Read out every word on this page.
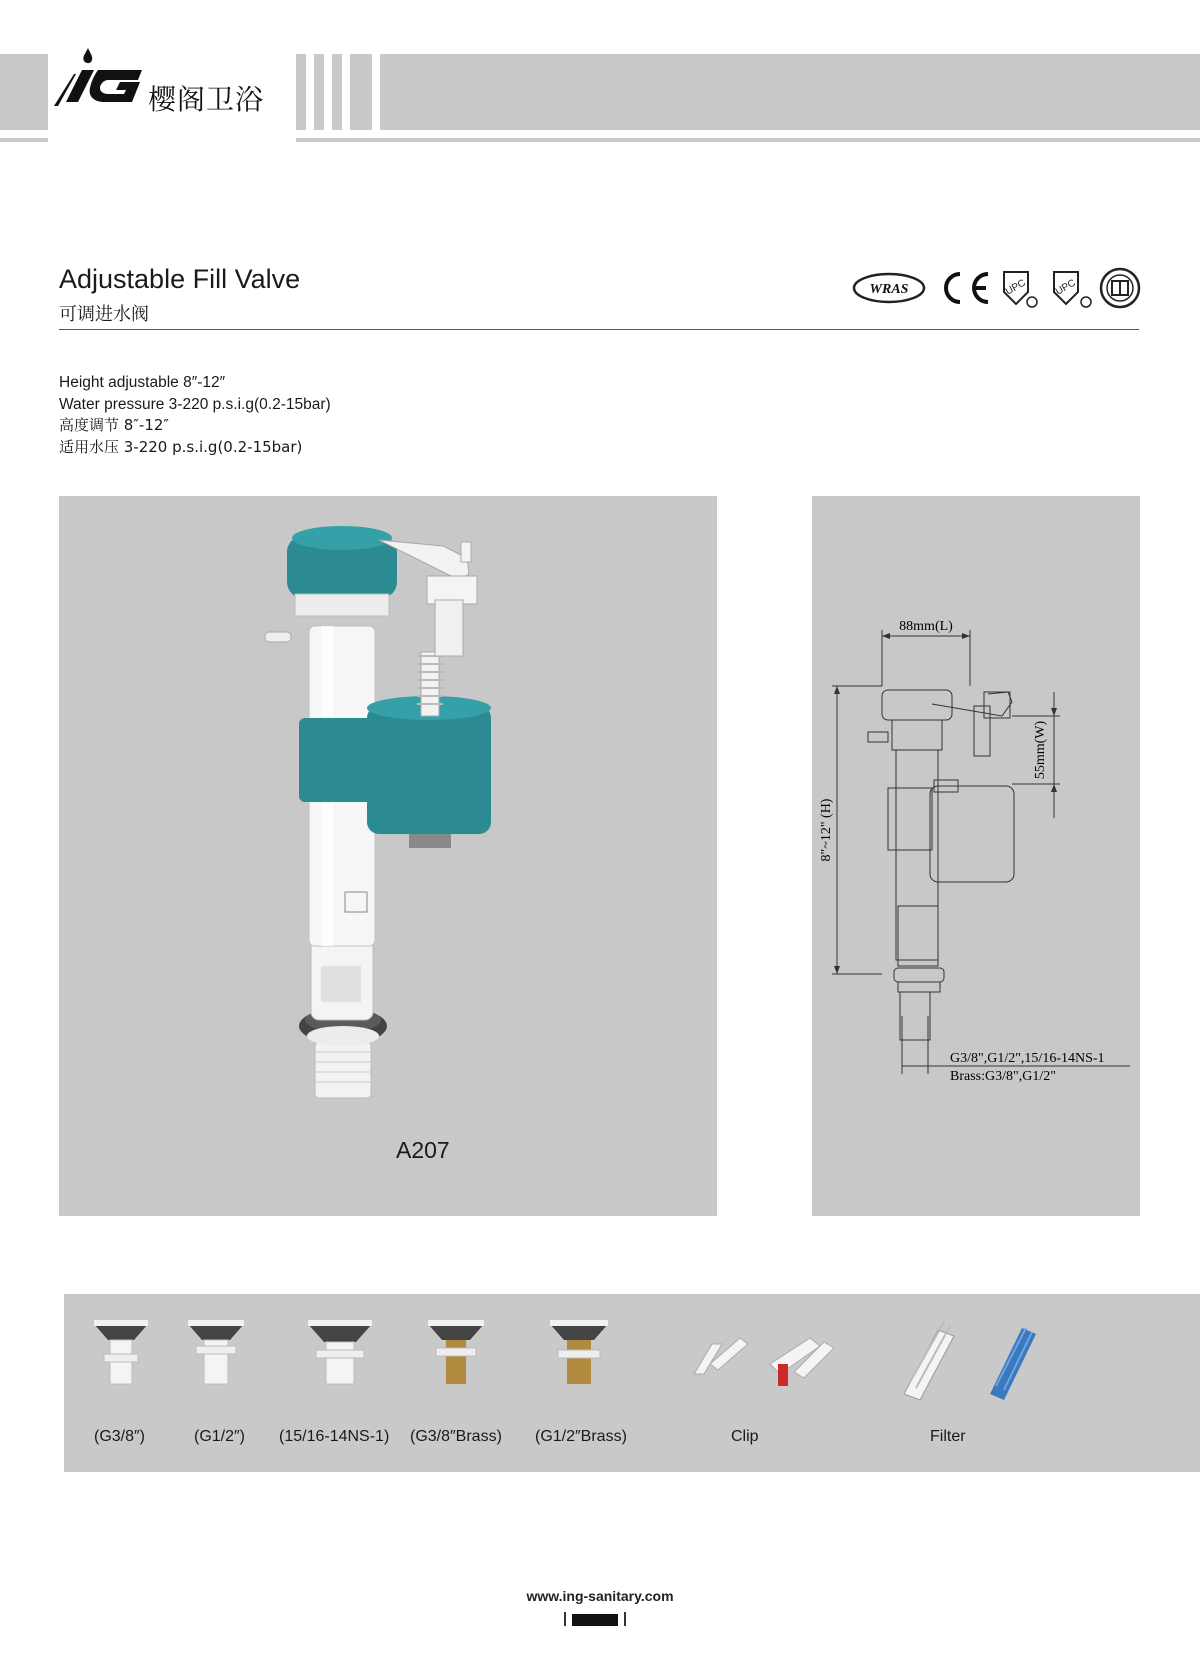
樱阁卫浴
Adjustable Fill Valve
可调进水阀
WRAS	UPC	UPC
Height adjustable 8″-12″
Water pressure 3-220 p.s.i.g(0.2-15bar)
高度调节 8″-12″
适用水压 3-220 p.s.i.g(0.2-15bar)
A207
88mm(L)
55mm(W)
8"~12" (H)
G3/8",G1/2",15/16-14NS-1
Brass:G3/8",G1/2"
(G3/8″)	(G1/2″) (15/16-14NS-1) (G3/8″Brass) (G1/2″Brass)	Clip	Filter
www.ing-sanitary.com
